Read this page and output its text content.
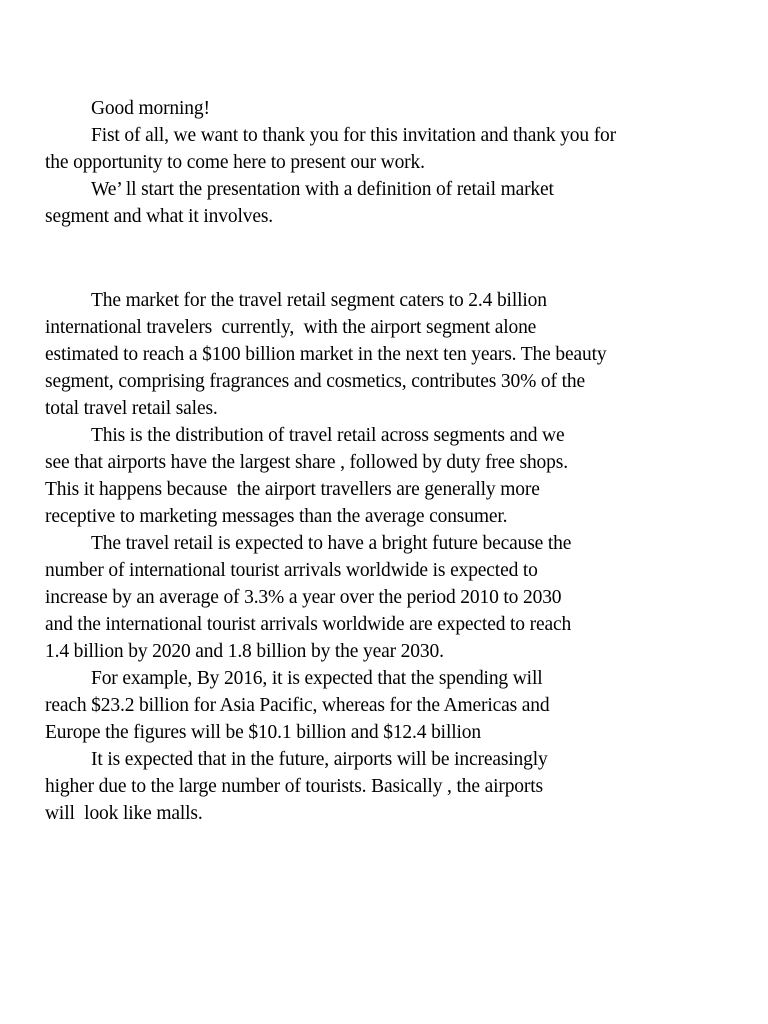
Good morning!
Fist of all, we want to thank you for this invitation and thank you for
the opportunity to come here to present our work.
We’ ll start the presentation with a definition of retail market
segment and what it involves.
The market for the travel retail segment caters to 2.4 billion
international travelers  currently,  with the airport segment alone
estimated to reach a $100 billion market in the next ten years. The beauty
segment, comprising fragrances and cosmetics, contributes 30% of the
total travel retail sales.
This is the distribution of travel retail across segments and we
see that airports have the largest share , followed by duty free shops.
This it happens because  the airport travellers are generally more
receptive to marketing messages than the average consumer.
The travel retail is expected to have a bright future because the
number of international tourist arrivals worldwide is expected to
increase by an average of 3.3% a year over the period 2010 to 2030
and the international tourist arrivals worldwide are expected to reach
1.4 billion by 2020 and 1.8 billion by the year 2030.
For example, By 2016, it is expected that the spending will
reach $23.2 billion for Asia Pacific, whereas for the Americas and
Europe the figures will be $10.1 billion and $12.4 billion
It is expected that in the future, airports will be increasingly
higher due to the large number of tourists. Basically , the airports
will  look like malls.
